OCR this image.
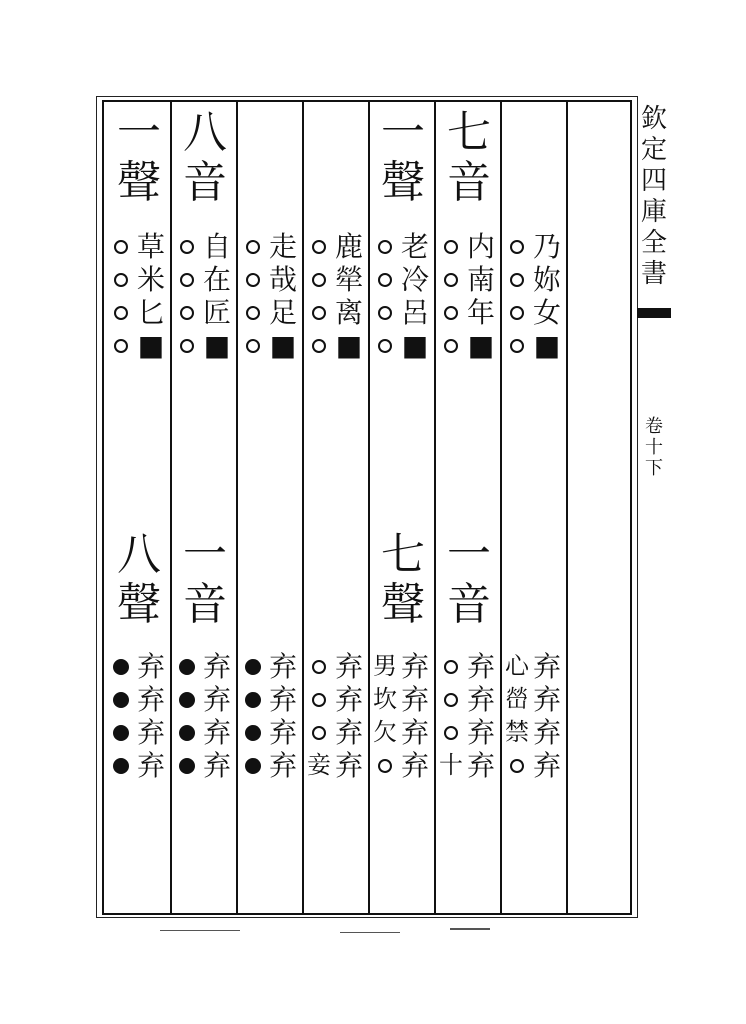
欽
定
四
庫
全
書
卷
十
下
乃
妳
女
■
心 弃
嵤 弃
禁 弃
弃
七
音
内
南
年
■
一
音
弃
弃
弃
十 弃
一
聲
老
冷
呂
■
七
聲
男 弃
坎 弃
欠 弃
弃
鹿
犖
离
■
弃
弃
弃
妾 弃
走
哉
足
■
弃
弃
弃
弃
八
音
自
在
匠
■
一
音
弃
弃
弃
弃
一
聲
草
米
匕
■
八
聲
弃
弃
弃
弃
